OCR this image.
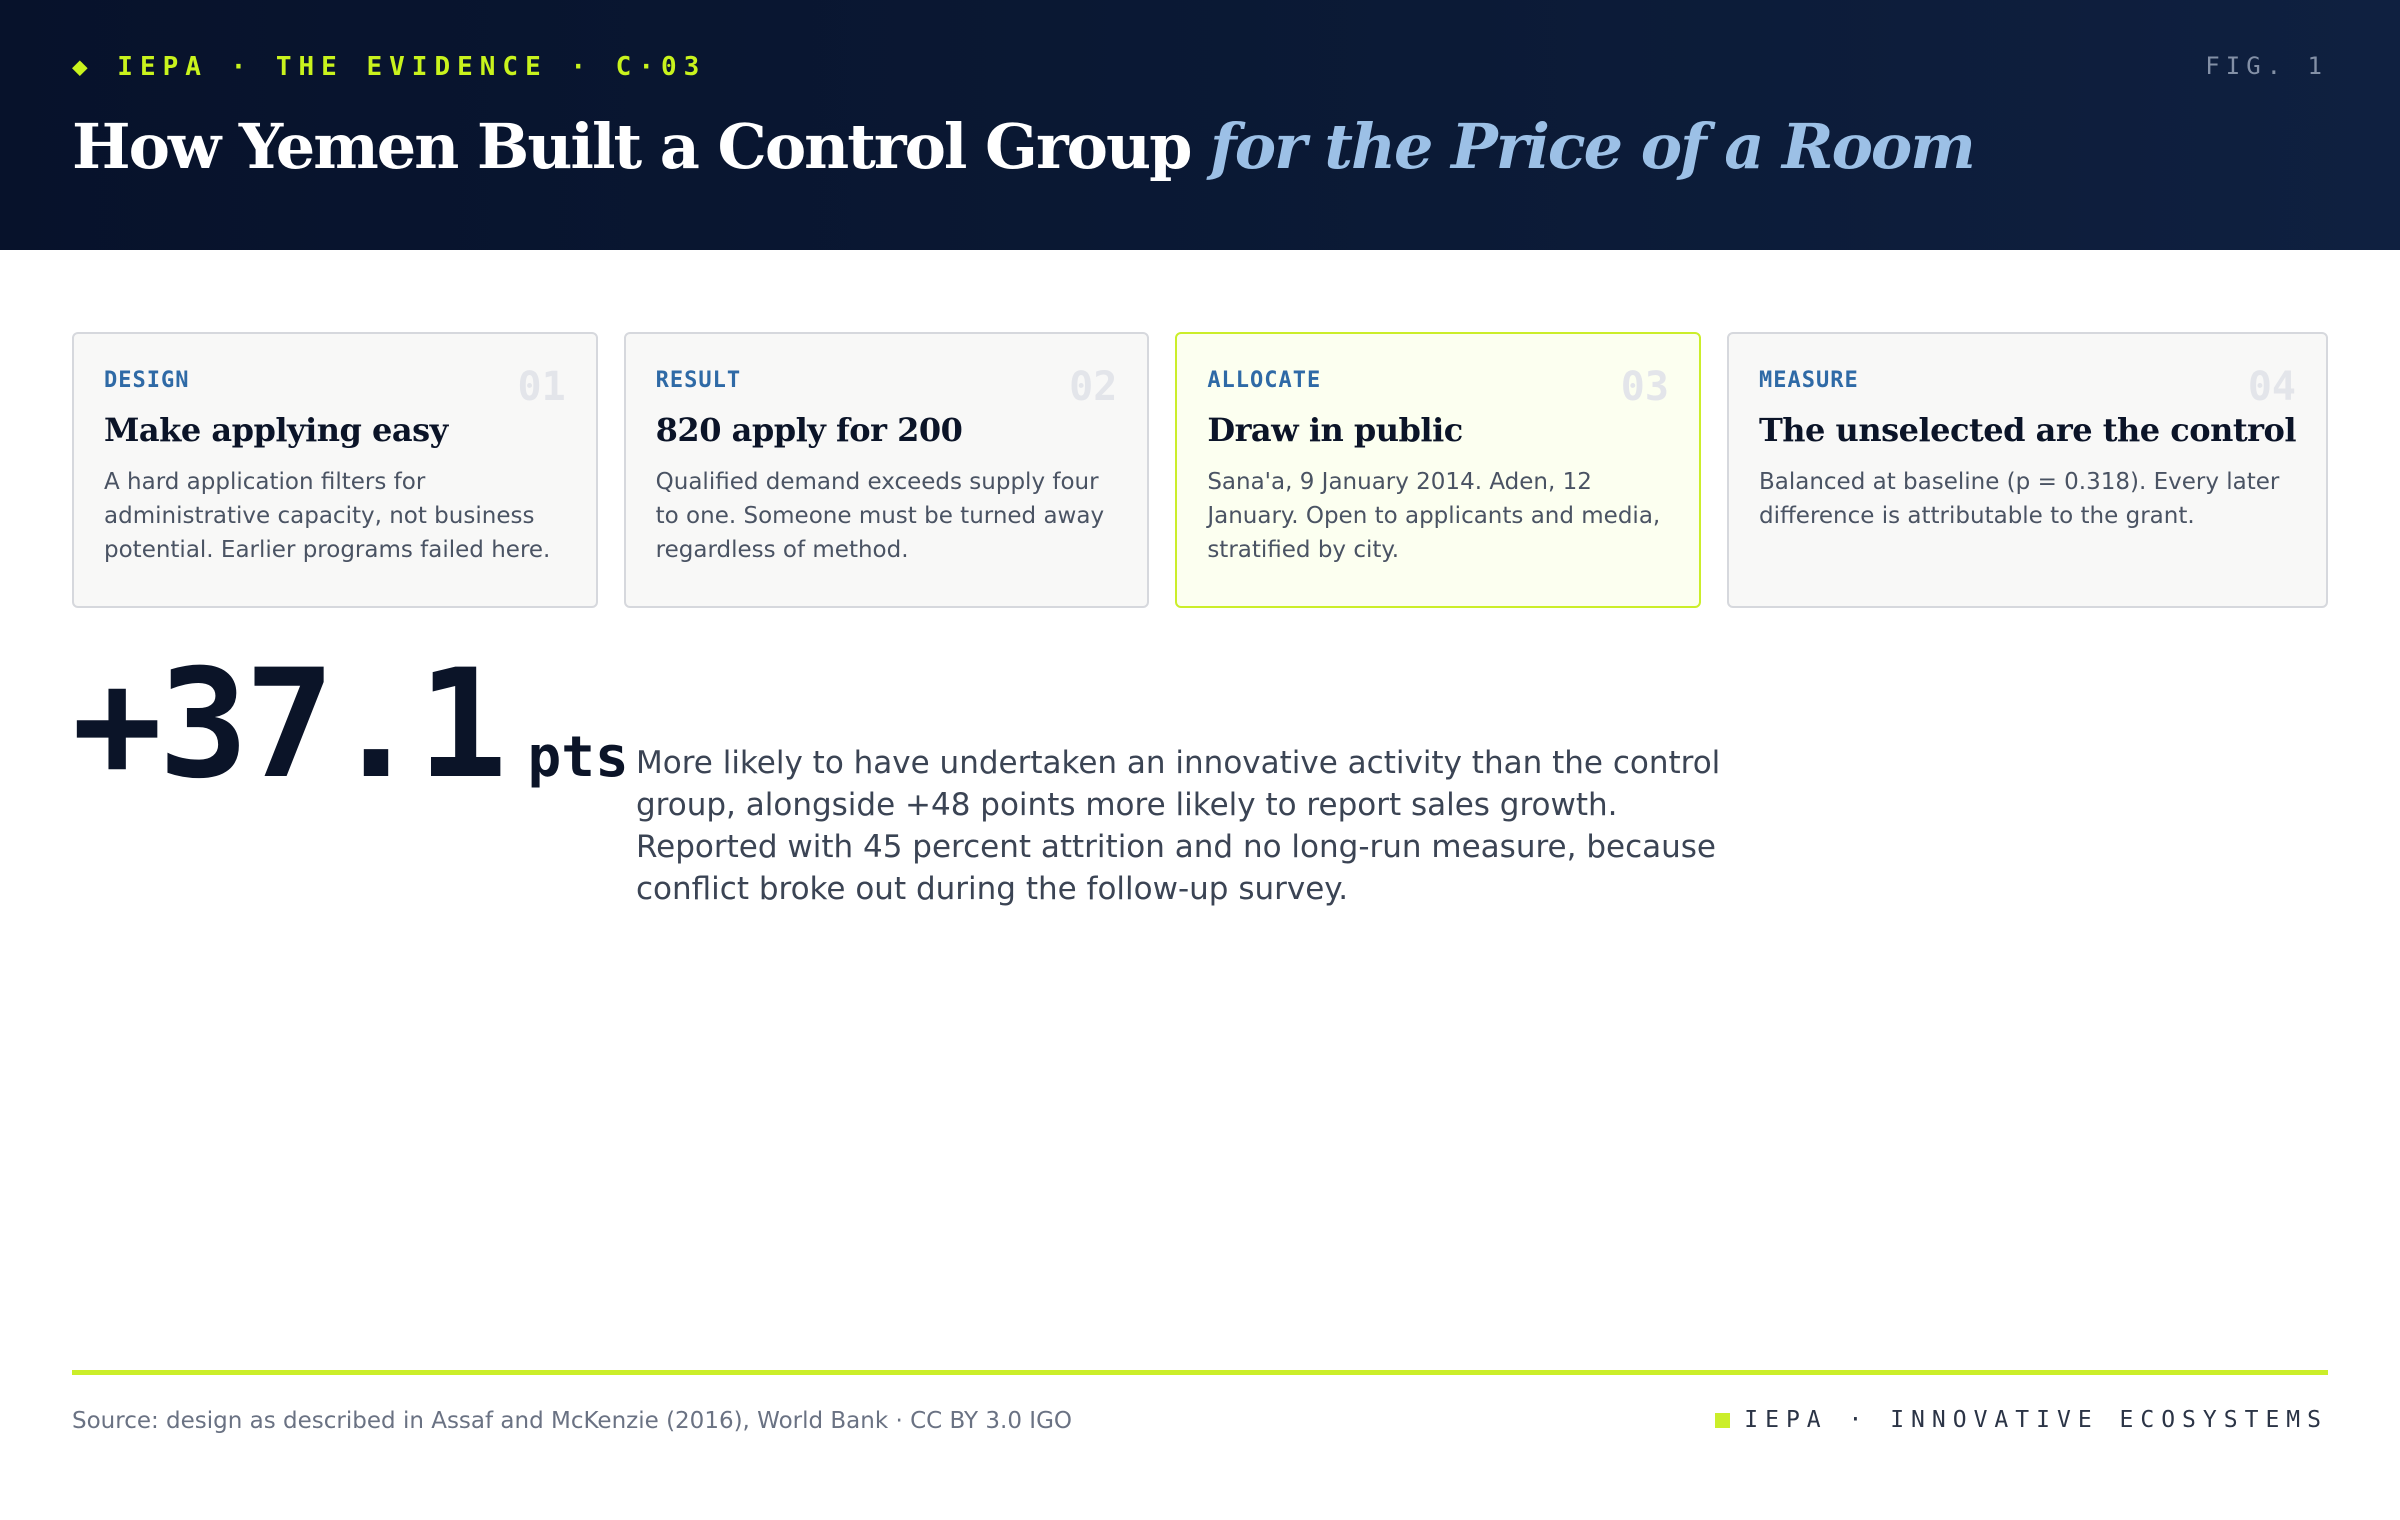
◆ IEPA · THE EVIDENCE · C·03	FIG. 1
How Yemen Built a Control Group for the Price of a Room
DESIGN	01
Make applying easy
A hard application filters for administrative capacity, not business potential. Earlier programs failed here.
RESULT	02
820 apply for 200
Qualified demand exceeds supply four to one. Someone must be turned away regardless of method.
ALLOCATE	03
Draw in public
Sana'a, 9 January 2014. Aden, 12 January. Open to applicants and media, stratified by city.
MEASURE	04
The unselected are the control
Balanced at baseline (p = 0.318). Every later difference is attributable to the grant.
+37.1 pts More likely to have undertaken an innovative activity than the control group, alongside +48 points more likely to report sales growth. Reported with 45 percent attrition and no long-run measure, because conflict broke out during the follow-up survey.
Source: design as described in Assaf and McKenzie (2016), World Bank · CC BY 3.0 IGO	IEPA · INNOVATIVE ECOSYSTEMS
